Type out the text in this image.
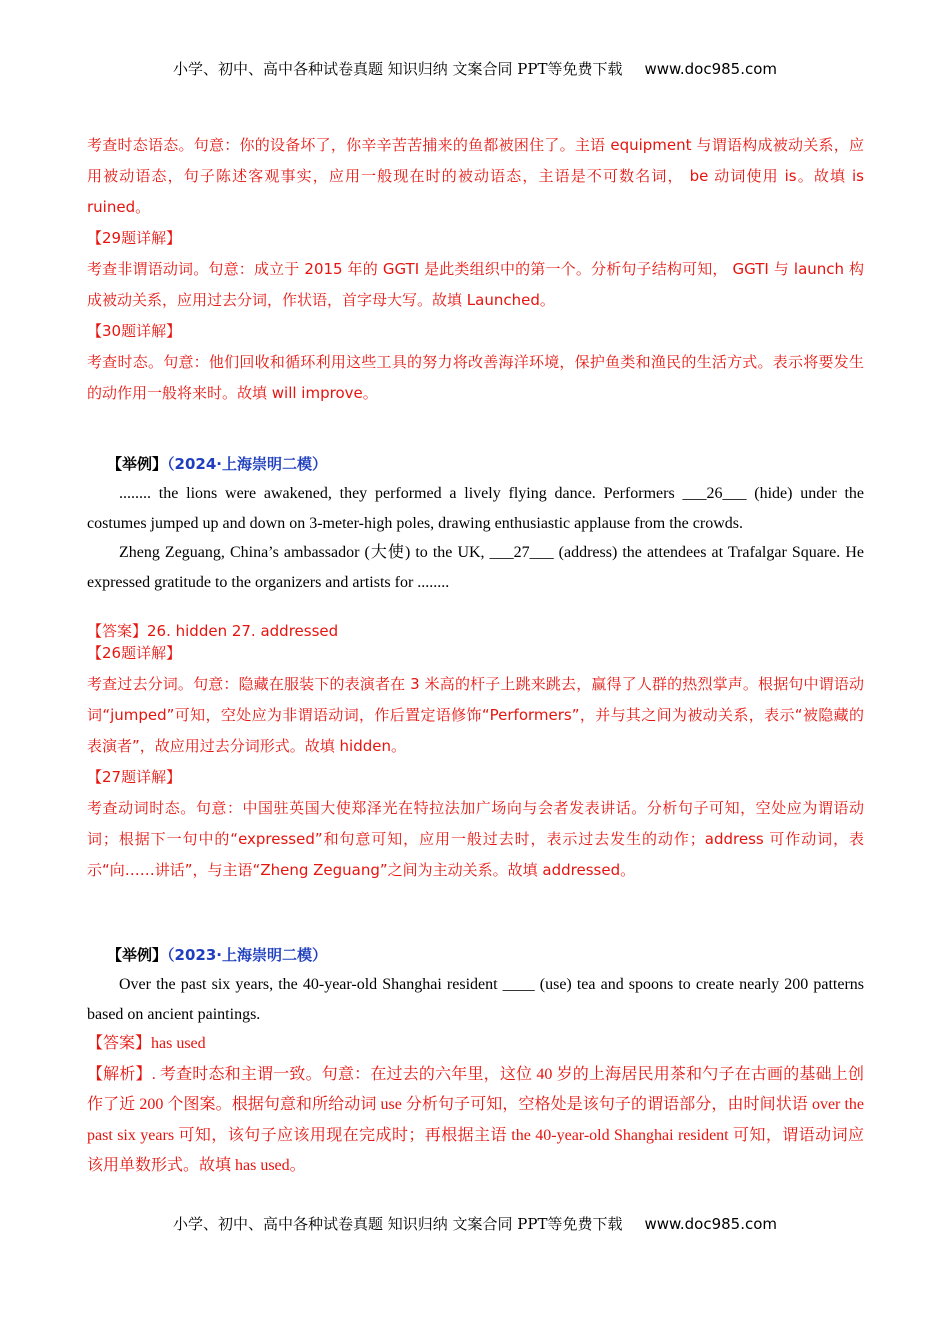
小学、初中、高中各种试卷真题 知识归纳 文案合同 PPT等免费下载 www.doc985.com

考查时态语态。句意：你的设备坏了，你辛辛苦苦捕来的鱼都被困住了。主语 equipment 与谓语构成被动关系，应用被动语态，句子陈述客观事实，应用一般现在时的被动语态，主语是不可数名词， be 动词使用 is。故填 is ruined。

【29题详解】

考查非谓语动词。句意：成立于 2015 年的 GGTI 是此类组织中的第一个。分析句子结构可知， GGTI 与 launch 构成被动关系，应用过去分词，作状语，首字母大写。故填 Launched。

【30题详解】

考查时态。句意：他们回收和循环利用这些工具的努力将改善海洋环境，保护鱼类和渔民的生活方式。表示将要发生的动作用一般将来时。故填 will improve。

【举例】（2024·上海崇明二模）

........ the lions were awakened, they performed a lively flying dance. Performers ___26___ (hide) under the costumes jumped up and down on 3-meter-high poles, drawing enthusiastic applause from the crowds.

Zheng Zeguang, China’s ambassador (大使) to the UK, ___27___ (address) the attendees at Trafalgar Square. He expressed gratitude to the organizers and artists for ........

【答案】26. hidden 27. addressed

【26题详解】

考查过去分词。句意：隐藏在服装下的表演者在 3 米高的杆子上跳来跳去，赢得了人群的热烈掌声。根据句中谓语动词“jumped”可知，空处应为非谓语动词，作后置定语修饰“Performers”，并与其之间为被动关系，表示“被隐藏的表演者”，故应用过去分词形式。故填 hidden。

【27题详解】

考查动词时态。句意：中国驻英国大使郑泽光在特拉法加广场向与会者发表讲话。分析句子可知，空处应为谓语动词；根据下一句中的“expressed”和句意可知，应用一般过去时，表示过去发生的动作；address 可作动词，表示“向……讲话”，与主语“Zheng Zeguang”之间为主动关系。故填 addressed。

【举例】（2023·上海崇明二模）

Over the past six years, the 40-year-old Shanghai resident ____ (use) tea and spoons to create nearly 200 patterns based on ancient paintings.

【答案】has used

【解析】. 考查时态和主谓一致。句意：在过去的六年里，这位 40 岁的上海居民用茶和勺子在古画的基础上创作了近 200 个图案。根据句意和所给动词 use 分析句子可知，空格处是该句子的谓语部分，由时间状语 over the past six years 可知，该句子应该用现在完成时；再根据主语 the 40-year-old Shanghai resident 可知，谓语动词应该用单数形式。故填 has used。

小学、初中、高中各种试卷真题 知识归纳 文案合同 PPT等免费下载 www.doc985.com
